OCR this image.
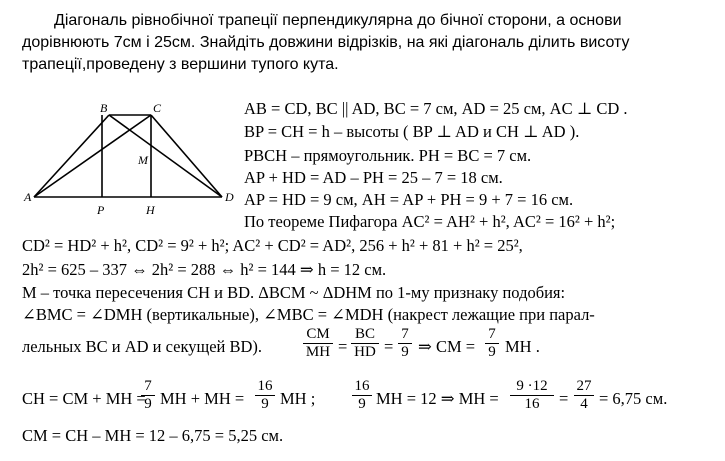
Діагональ рівнобічної трапеції перпендикулярна до бічної сторони, а основи
дорівнюють 7см і 25см. Знайдіть довжини відрізків, на які діагональ ділить висоту
трапеції,проведену з вершини тупого кута.
A
B	C
D
P	H
M
AB = CD, BC || AD, BC = 7 см, AD = 25 см, AC ⊥ CD .
BP = CH = h – высоты ( BP ⊥ AD и CH ⊥ AD ).
PBCH – прямоугольник. PH = BC = 7 см.
AP + HD = AD – PH = 25 – 7 = 18 см.
AP = HD = 9 см, AH = AP + PH = 9 + 7 = 16 см.
По теореме Пифагора AC² = AH² + h², AC² = 16² + h²;
CD² = HD² + h², CD² = 9² + h²; AC² + CD² = AD², 256 + h² + 81 + h² = 25²,
2h² = 625 – 337 ⇔ 2h² = 288 ⇔ h² = 144 ⇒ h = 12 см.
M – точка пересечения CH и BD. ΔBCM ~ ΔDHM по 1-му признаку подобия:
∠BMC = ∠DMH (вертикальные), ∠MBC = ∠MDH (накрест лежащие при парал-
лельных BC и AD и секущей BD).	$\frac{CM}{MH} = \frac{BC}{HD} = \frac{7}{9}$ ⇒ CM = $\frac{7}{9}$ MH .
CH = CM + MH =
$\frac{7}{9}$ MH + MH = $\frac{16}{9}$ MH ; $\frac{16}{9}$ MH = 12 ⇒ MH = $\frac{9 \cdot 12}{16} = \frac{27}{4} = 6,75$ см.
CM = CH – MH = 12 – 6,75 = 5,25 см.
